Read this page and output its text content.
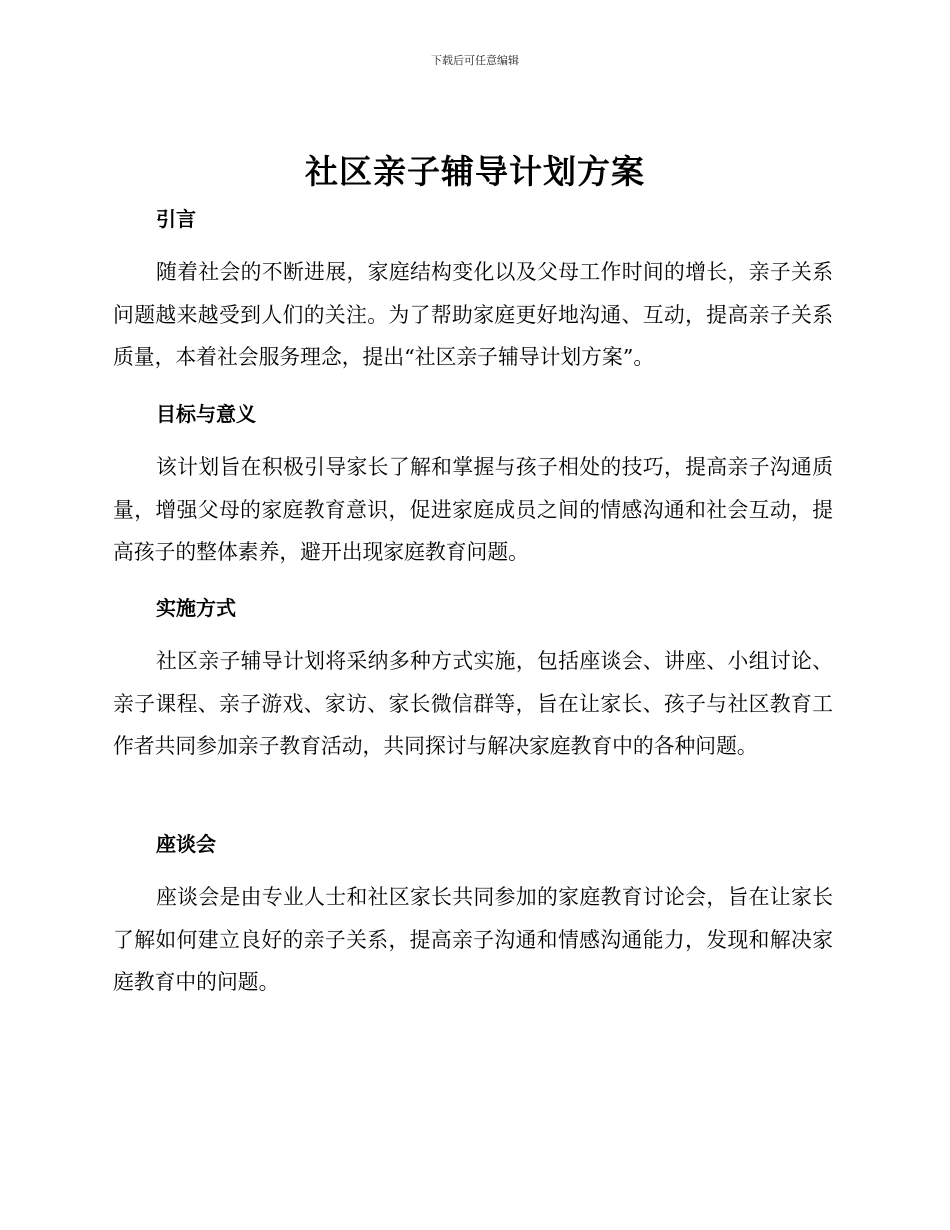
下载后可任意编辑
社区亲子辅导计划方案
引言

随着社会的不断进展，家庭结构变化以及父母工作时间的增长，亲子关系问题越来越受到人们的关注。为了帮助家庭更好地沟通、互动，提高亲子关系质量，本着社会服务理念，提出“社区亲子辅导计划方案”。

目标与意义

该计划旨在积极引导家长了解和掌握与孩子相处的技巧，提高亲子沟通质量，增强父母的家庭教育意识，促进家庭成员之间的情感沟通和社会互动，提高孩子的整体素养，避开出现家庭教育问题。

实施方式

社区亲子辅导计划将采纳多种方式实施，包括座谈会、讲座、小组讨论、亲子课程、亲子游戏、家访、家长微信群等，旨在让家长、孩子与社区教育工作者共同参加亲子教育活动，共同探讨与解决家庭教育中的各种问题。

座谈会

座谈会是由专业人士和社区家长共同参加的家庭教育讨论会，旨在让家长了解如何建立良好的亲子关系，提高亲子沟通和情感沟通能力，发现和解决家庭教育中的问题。
